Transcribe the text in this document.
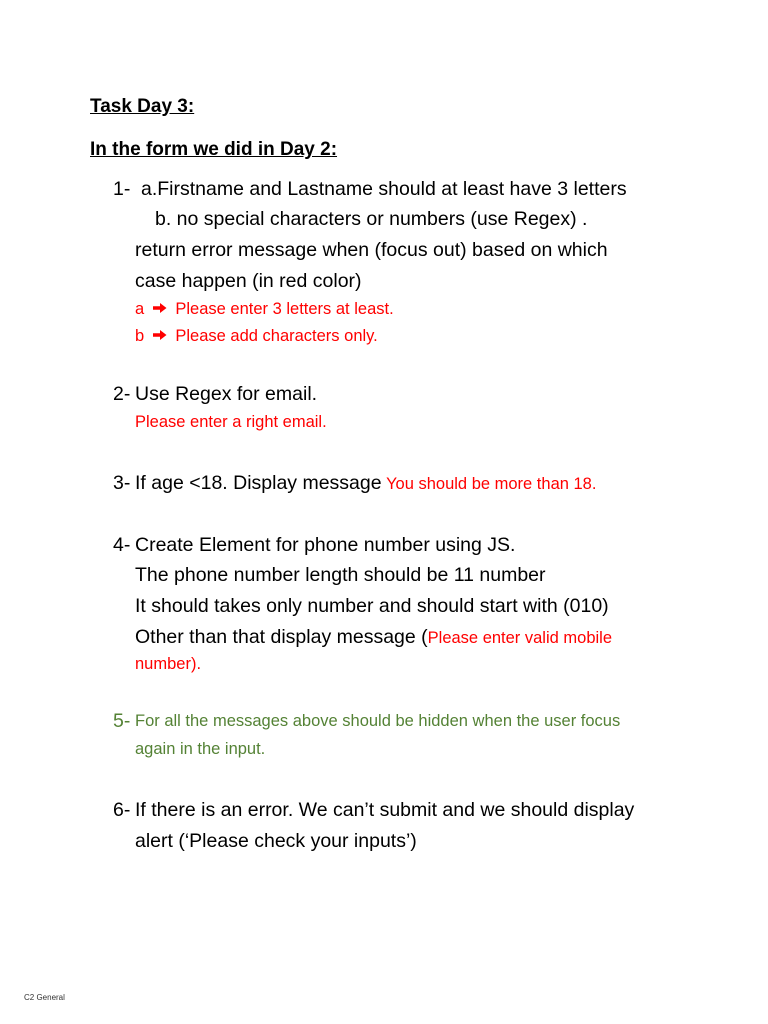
Task Day 3:

In the form we did in Day 2:

1- a.Firstname and Lastname should at least have 3 letters
b. no special characters or numbers (use Regex) .
return error message when (focus out) based on which
case happen (in red color)
a Please enter 3 letters at least.
b Please add characters only.
2- Use Regex for email.
Please enter a right email.
3- If age <18. Display message You should be more than 18.
4- Create Element for phone number using JS.
The phone number length should be 11 number
It should takes only number and should start with (010)
Other than that display message (Please enter valid mobile
number).
5- For all the messages above should be hidden when the user focus
again in the input.
6- If there is an error. We can’t submit and we should display
alert (‘Please check your inputs’)
C2 General
